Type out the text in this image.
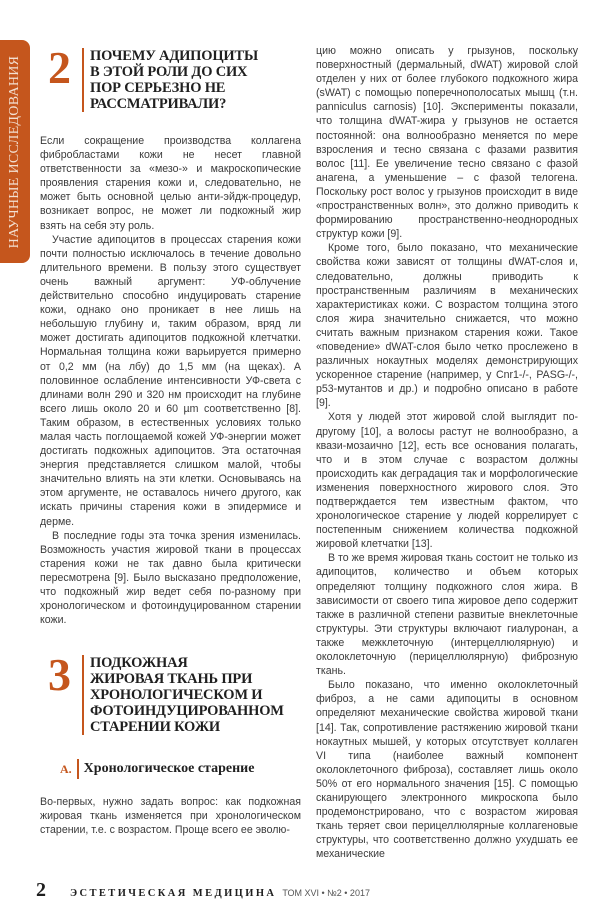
НАУЧНЫЕ ИССЛЕДОВАНИЯ 2	ПОЧЕМУ АДИПОЦИТЫ
В ЭТОЙ РОЛИ ДО СИХ
ПОР СЕРЬЕЗНО НЕ
РАССМАТРИВАЛИ?

Если сокращение производства коллагена фибробластами кожи не несет главной ответственности за «мезо-» и макроскопические проявления старения кожи и, следовательно, не может быть основной целью анти-эйдж-процедур, возникает вопрос, не может ли подкожный жир взять на себя эту роль.

Участие адипоцитов в процессах старения кожи почти полностью исключалось в течение довольно длительного времени. В пользу этого существует очень важный аргумент: УФ-облучение действительно способно индуцировать старение кожи, однако оно проникает в нее лишь на небольшую глубину и, таким образом, вряд ли может достигать адипоцитов подкожной клетчатки. Нормальная толщина кожи варьируется примерно от 0,2 мм (на лбу) до 1,5 мм (на щеках). А половинное ослабление интенсивности УФ-света с длинами волн 290 и 320 нм происходит на глубине всего лишь около 20 и 60 µm соответственно [8]. Таким образом, в естественных условиях только малая часть поглощаемой кожей УФ-энергии может достигать подкожных адипоцитов. Эта остаточная энергия представляется слишком малой, чтобы значительно влиять на эти клетки. Основываясь на этом аргументе, не оставалось ничего другого, как искать причины старения кожи в эпидермисе и дерме.

В последние годы эта точка зрения изменилась. Возможность участия жировой ткани в процессах старения кожи не так давно была критически пересмотрена [9]. Было высказано предположение, что подкожный жир ведет себя по-разному при хронологическом и фотоиндуцированном старении кожи.

3	ПОДКОЖНАЯ
ЖИРОВАЯ ТКАНЬ ПРИ
ХРОНОЛОГИЧЕСКОМ И
ФОТОИНДУЦИРОВАННОМ
СТАРЕНИИ КОЖИ
А. Хронологическое старение

Во-первых, нужно задать вопрос: как подкожная жировая ткань изменяется при хронологическом старении, т.е. с возрастом. Проще всего ее эволю-

цию можно описать у грызунов, поскольку поверхностный (дермальный, dWAT) жировой слой отделен у них от более глубокого подкожного жира (sWAT) с помощью поперечнополосатых мышц (т.н. panniculus carnosis) [10]. Эксперименты показали, что толщина dWAT-жира у грызунов не остается постоянной: она волнообразно меняется по мере взросления и тесно связана с фазами развития волос [11]. Ее увеличение тесно связано с фазой анагена, а уменьшение – с фазой телогена. Поскольку рост волос у грызунов происходит в виде «пространственных волн», это должно приводить к формированию пространственно-неоднородных структур кожи [9].

Кроме того, было показано, что механические свойства кожи зависят от толщины dWAT-слоя и, следовательно, должны приводить к пространственным различиям в механических характеристиках кожи. С возрастом толщина этого слоя жира значительно снижается, что можно считать важным признаком старения кожи. Такое «поведение» dWAT-слоя было четко прослежено в различных нокаутных моделях демонстрирующих ускоренное старение (например, у Cnr1-/-, PASG-/-, p53-мутантов и др.) и подробно описано в работе [9].

Хотя у людей этот жировой слой выглядит по-другому [10], а волосы растут не волнообразно, а квази-мозаично [12], есть все основания полагать, что и в этом случае с возрастом должны происходить как деградация так и морфологические изменения поверхностного жирового слоя. Это подтверждается тем известным фактом, что хронологическое старение у людей коррелирует с постепенным снижением количества подкожной жировой клетчатки [13].

В то же время жировая ткань состоит не только из адипоцитов, количество и объем которых определяют толщину подкожного слоя жира. В зависимости от своего типа жировое депо содержит также в различной степени развитые внеклеточные структуры. Эти структуры включают гиалуронан, а также межклеточную (интерцеллюлярную) и околоклеточную (перицеллюлярную) фиброзную ткань.

Было показано, что именно околоклеточный фиброз, а не сами адипоциты в основном определяют механические свойства жировой ткани [14]. Так, сопротивление растяжению жировой ткани нокаутных мышей, у которых отсутствует коллаген VI типа (наиболее важный компонент околоклеточного фиброза), составляет лишь около 50% от его нормального значения [15]. С помощью сканирующего электронного микроскопа было продемонстрировано, что с возрастом жировая ткань теряет свои перицеллюлярные коллагеновые структуры, что соответственно должно ухудшать ее механические

2 ЭСТЕТИЧЕСКАЯ МЕДИЦИНА ТОМ XVI • №2 • 2017
